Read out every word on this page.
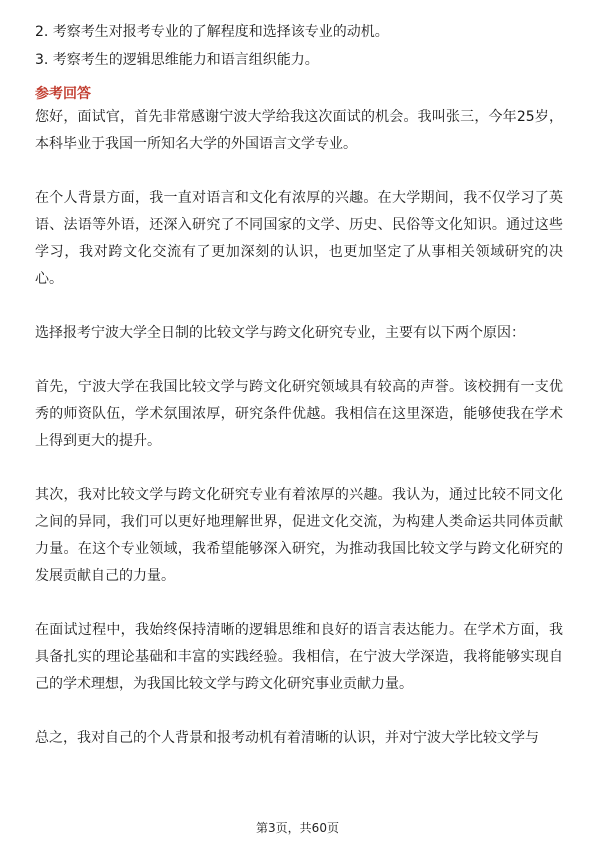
2. 考察考生对报考专业的了解程度和选择该专业的动机。

3. 考察考生的逻辑思维能力和语言组织能力。

参考回答

您好，面试官，首先非常感谢宁波大学给我这次面试的机会。我叫张三，今年25岁，本科毕业于我国一所知名大学的外国语言文学专业。

在个人背景方面，我一直对语言和文化有浓厚的兴趣。在大学期间，我不仅学习了英语、法语等外语，还深入研究了不同国家的文学、历史、民俗等文化知识。通过这些学习，我对跨文化交流有了更加深刻的认识，也更加坚定了从事相关领域研究的决心。

选择报考宁波大学全日制的比较文学与跨文化研究专业，主要有以下两个原因：

首先，宁波大学在我国比较文学与跨文化研究领域具有较高的声誉。该校拥有一支优秀的师资队伍，学术氛围浓厚，研究条件优越。我相信在这里深造，能够使我在学术上得到更大的提升。

其次，我对比较文学与跨文化研究专业有着浓厚的兴趣。我认为，通过比较不同文化之间的异同，我们可以更好地理解世界，促进文化交流，为构建人类命运共同体贡献力量。在这个专业领域，我希望能够深入研究，为推动我国比较文学与跨文化研究的发展贡献自己的力量。

在面试过程中，我始终保持清晰的逻辑思维和良好的语言表达能力。在学术方面，我具备扎实的理论基础和丰富的实践经验。我相信，在宁波大学深造，我将能够实现自己的学术理想，为我国比较文学与跨文化研究事业贡献力量。

总之，我对自己的个人背景和报考动机有着清晰的认识，并对宁波大学比较文学与

第3页，共60页
